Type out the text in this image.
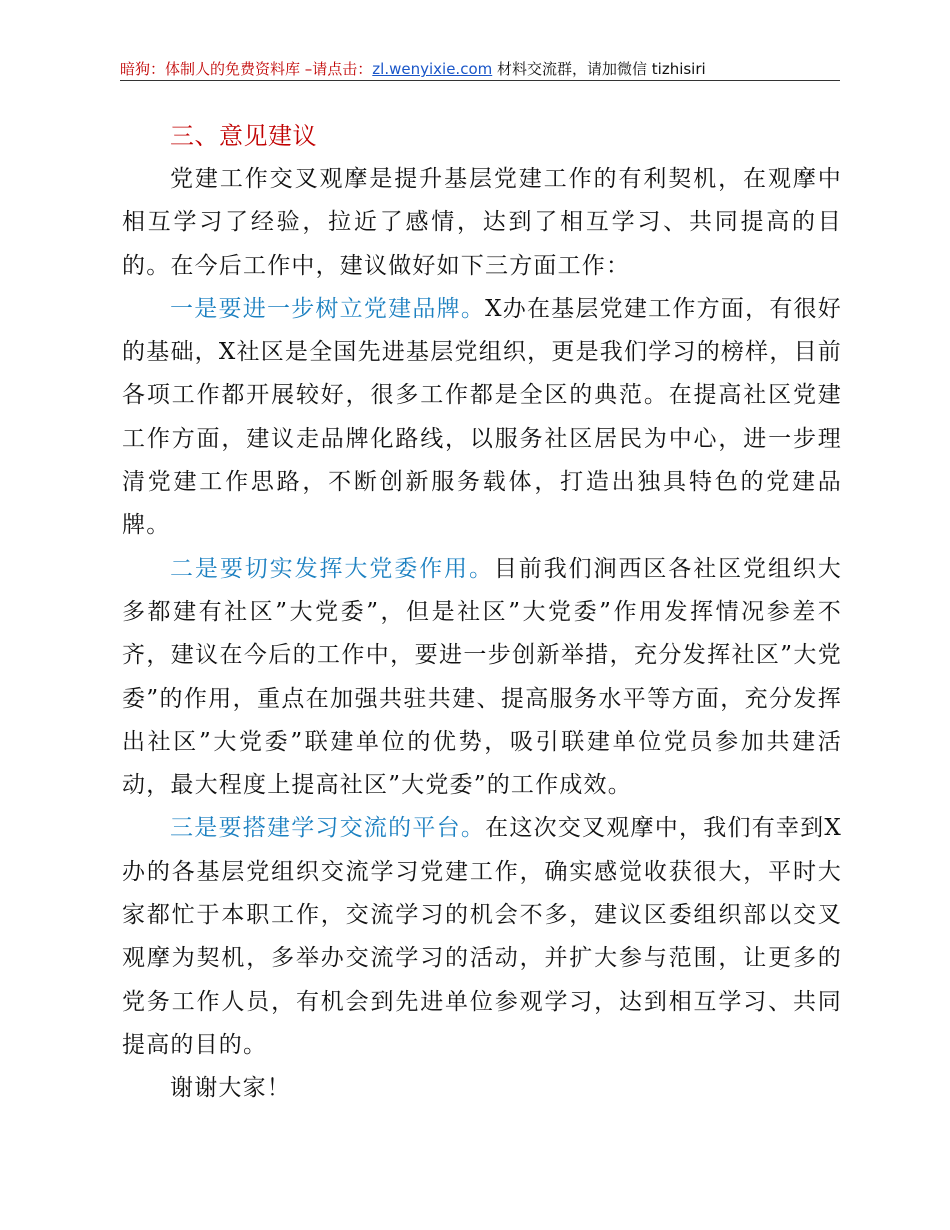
暗狗：体制人的免费资料库 –请点击：zl.wenyixie.com 材料交流群，请加微信 tizhisiri

三、意见建议

党建工作交叉观摩是提升基层党建工作的有利契机，在观摩中相互学习了经验，拉近了感情，达到了相互学习、共同提高的目的。在今后工作中，建议做好如下三方面工作：

一是要进一步树立党建品牌。X办在基层党建工作方面，有很好的基础，X社区是全国先进基层党组织，更是我们学习的榜样，目前各项工作都开展较好，很多工作都是全区的典范。在提高社区党建工作方面，建议走品牌化路线，以服务社区居民为中心，进一步理清党建工作思路，不断创新服务载体，打造出独具特色的党建品牌。

二是要切实发挥大党委作用。目前我们涧西区各社区党组织大多都建有社区”大党委”，但是社区”大党委”作用发挥情况参差不齐，建议在今后的工作中，要进一步创新举措，充分发挥社区”大党委”的作用，重点在加强共驻共建、提高服务水平等方面，充分发挥出社区”大党委”联建单位的优势，吸引联建单位党员参加共建活动，最大程度上提高社区”大党委”的工作成效。

三是要搭建学习交流的平台。在这次交叉观摩中，我们有幸到X办的各基层党组织交流学习党建工作，确实感觉收获很大，平时大家都忙于本职工作，交流学习的机会不多，建议区委组织部以交叉观摩为契机，多举办交流学习的活动，并扩大参与范围，让更多的党务工作人员，有机会到先进单位参观学习，达到相互学习、共同提高的目的。

谢谢大家！
